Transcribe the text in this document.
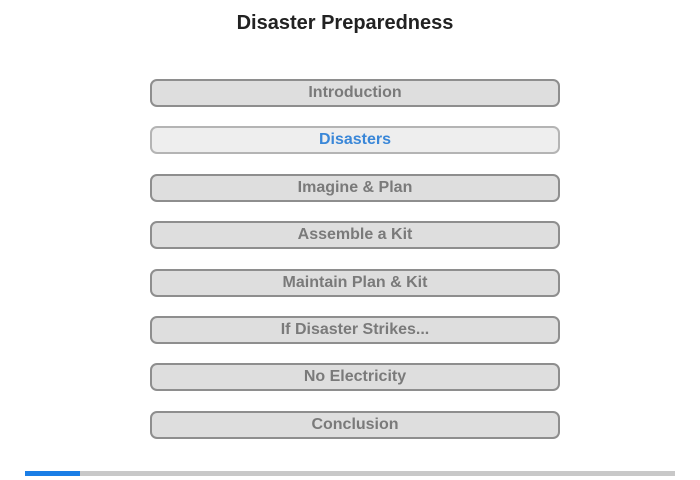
Disaster Preparedness
Introduction
Disasters
Imagine & Plan
Assemble a Kit
Maintain Plan & Kit
If Disaster Strikes...
No Electricity
Conclusion
